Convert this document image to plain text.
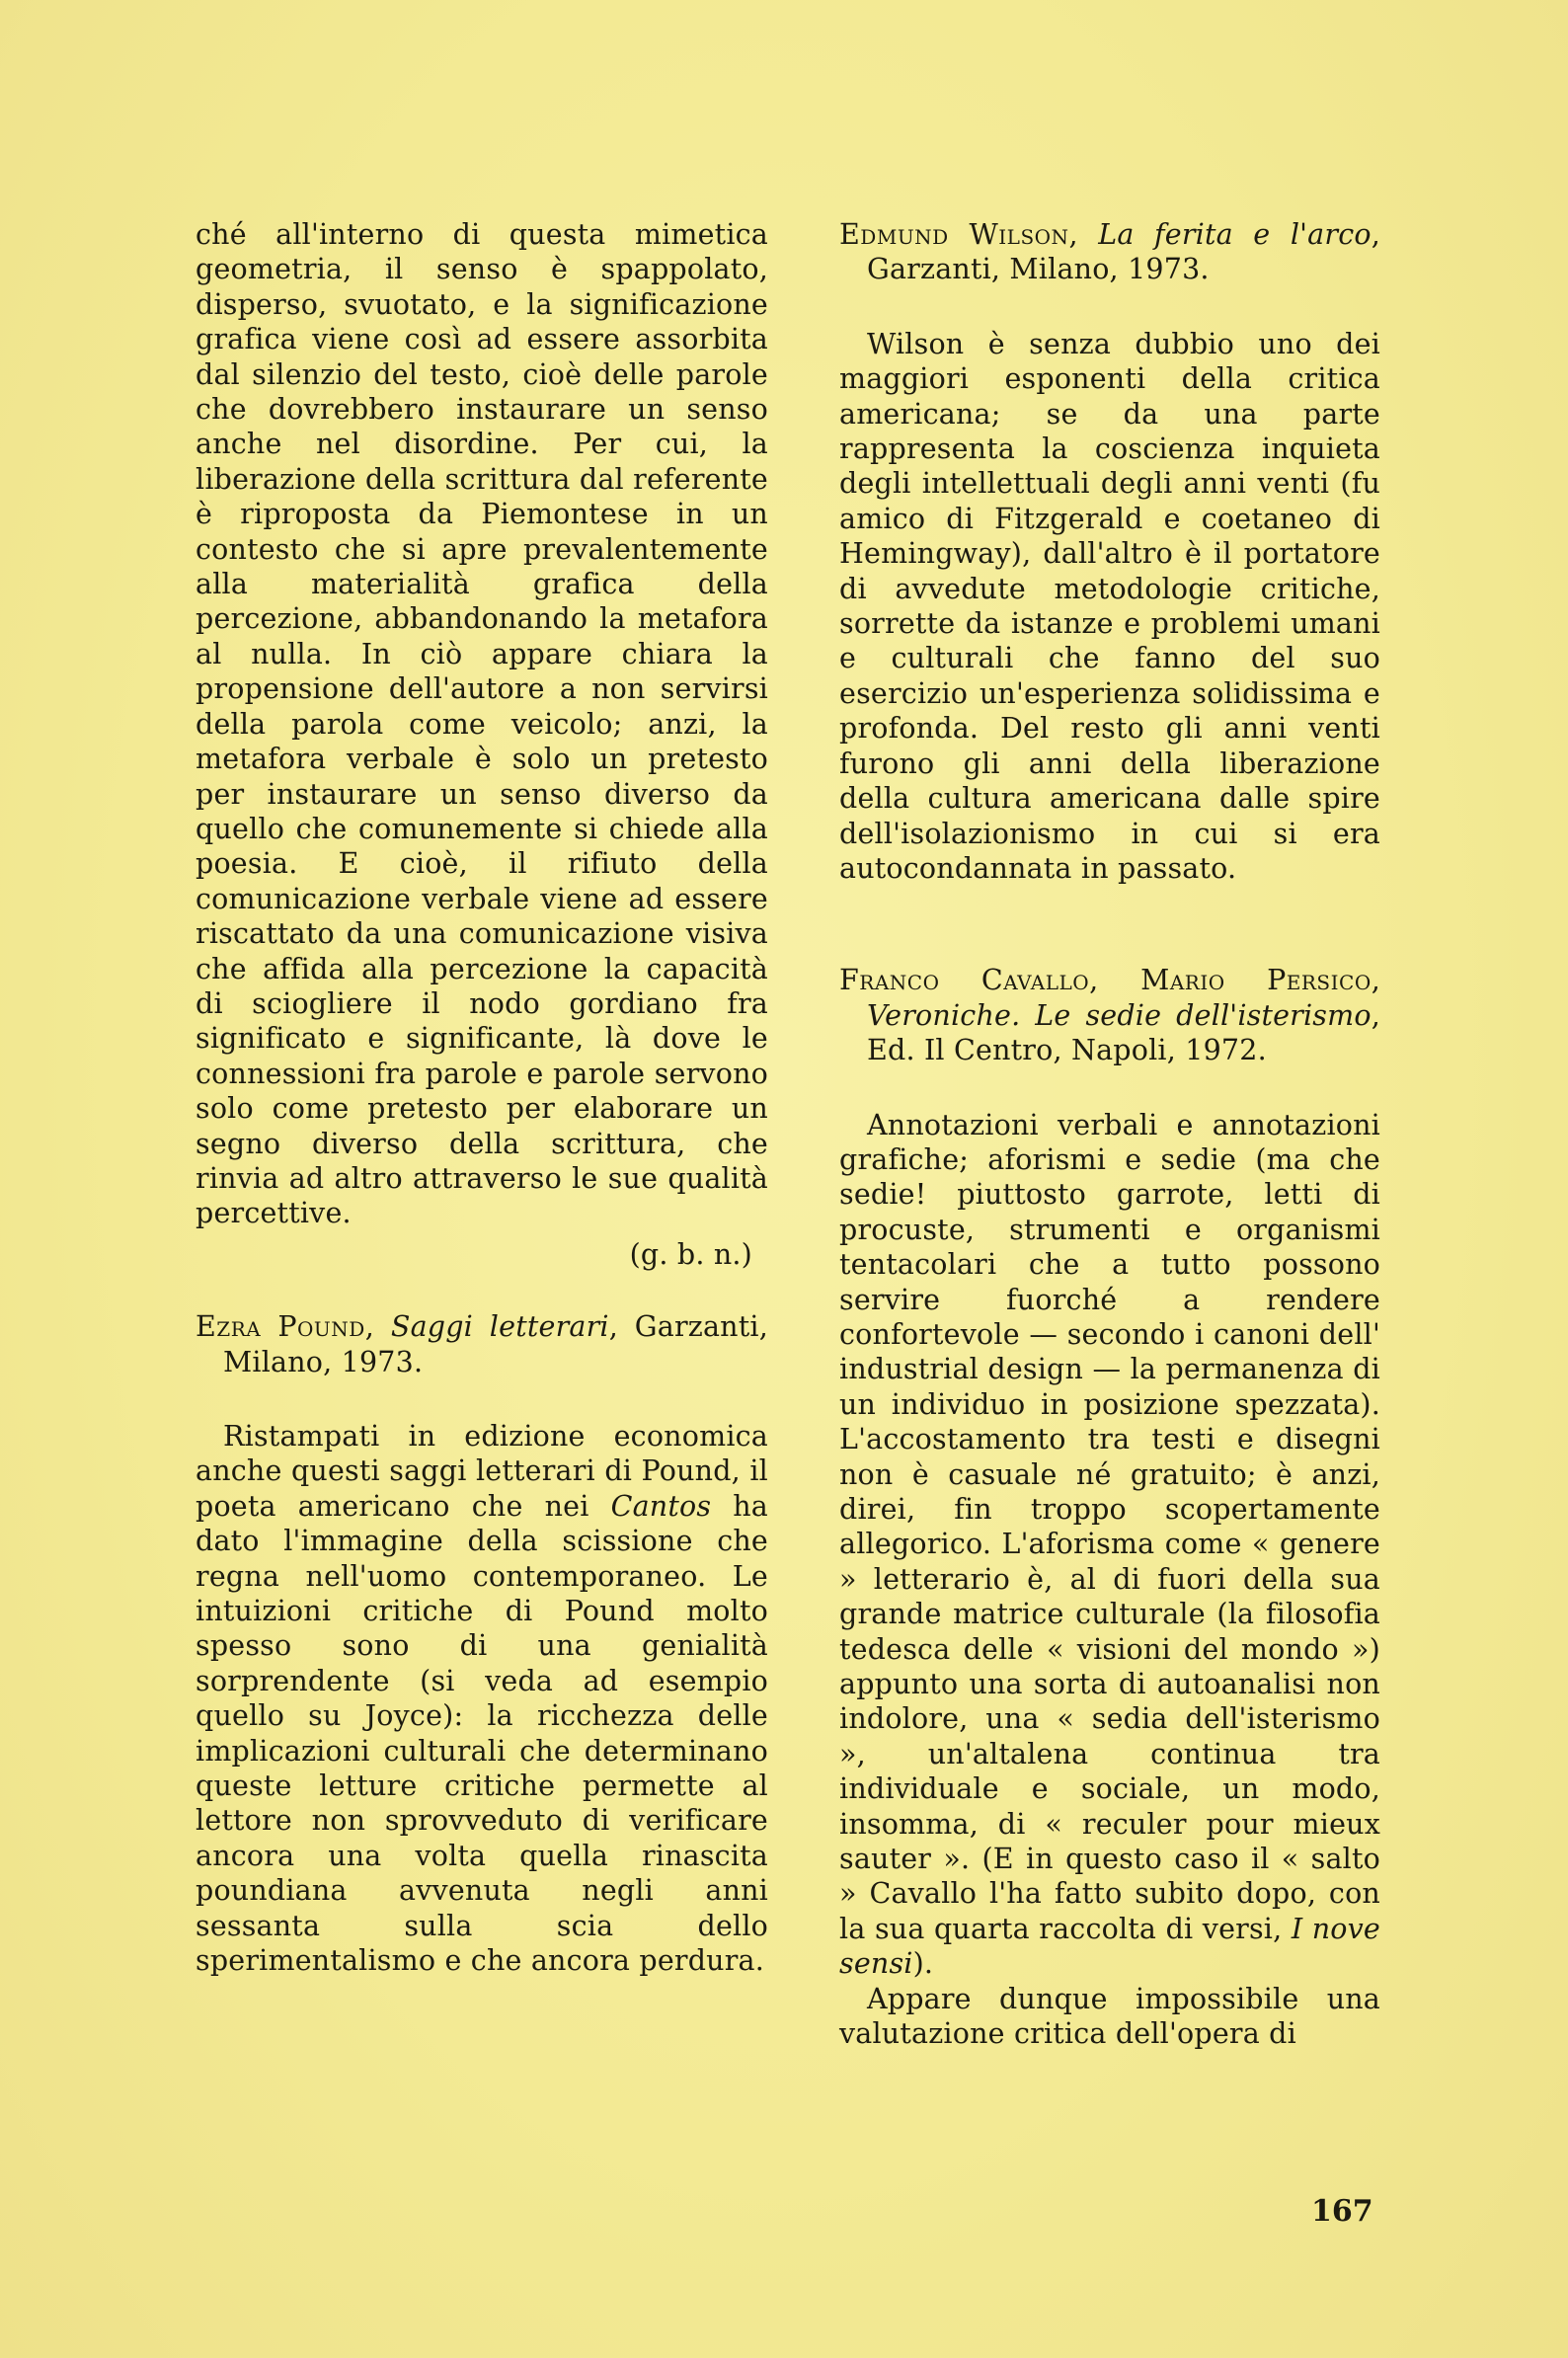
ché all'interno di questa mimetica geometria, il senso è spappolato, disperso, svuotato, e la significazione grafica viene così ad essere assorbita dal silenzio del testo, cioè delle parole che dovrebbero instaurare un senso anche nel disordine. Per cui, la liberazione della scrittura dal referente è riproposta da Piemontese in un contesto che si apre prevalentemente alla materialità grafica della percezione, abbandonando la metafora al nulla. In ciò appare chiara la propensione dell'autore a non servirsi della parola come veicolo; anzi, la metafora verbale è solo un pretesto per instaurare un senso diverso da quello che comunemente si chiede alla poesia. E cioè, il rifiuto della comunicazione verbale viene ad essere riscattato da una comunicazione visiva che affida alla percezione la capacità di sciogliere il nodo gordiano fra significato e significante, là dove le connessioni fra parole e parole servono solo come pretesto per elaborare un segno diverso della scrittura, che rinvia ad altro attraverso le sue qualità percettive.

(g. b. n.)

Ezra Pound, Saggi letterari, Garzanti, Milano, 1973.

Ristampati in edizione economica anche questi saggi letterari di Pound, il poeta americano che nei Cantos ha dato l'immagine della scissione che regna nell'uomo contemporaneo. Le intuizioni critiche di Pound molto spesso sono di una genialità sorprendente (si veda ad esempio quello su Joyce): la ricchezza delle implicazioni culturali che determinano queste letture critiche permette al lettore non sprovveduto di verificare ancora una volta quella rinascita poundiana avvenuta negli anni sessanta sulla scia dello sperimentalismo e che ancora perdura.

Edmund Wilson, La ferita e l'arco, Garzanti, Milano, 1973.

Wilson è senza dubbio uno dei maggiori esponenti della critica americana; se da una parte rappresenta la coscienza inquieta degli intellettuali degli anni venti (fu amico di Fitzgerald e coetaneo di Hemingway), dall'altro è il portatore di avvedute metodologie critiche, sorrette da istanze e problemi umani e culturali che fanno del suo esercizio un'esperienza solidissima e profonda. Del resto gli anni venti furono gli anni della liberazione della cultura americana dalle spire dell'isolazionismo in cui si era autocondannata in passato.

Franco Cavallo, Mario Persico, Veroniche. Le sedie dell'isterismo, Ed. Il Centro, Napoli, 1972.

Annotazioni verbali e annotazioni grafiche; aforismi e sedie (ma che sedie! piuttosto garrote, letti di procuste, strumenti e organismi tentacolari che a tutto possono servire fuorché a rendere confortevole — secondo i canoni dell' industrial design — la permanenza di un individuo in posizione spezzata). L'accostamento tra testi e disegni non è casuale né gratuito; è anzi, direi, fin troppo scopertamente allegorico. L'aforisma come « genere » letterario è, al di fuori della sua grande matrice culturale (la filosofia tedesca delle « visioni del mondo ») appunto una sorta di autoanalisi non indolore, una « sedia dell'isterismo », un'altalena continua tra individuale e sociale, un modo, insomma, di « reculer pour mieux sauter ». (E in questo caso il « salto » Cavallo l'ha fatto subito dopo, con la sua quarta raccolta di versi, I nove sensi).

Appare dunque impossibile una valutazione critica dell'opera di

167
